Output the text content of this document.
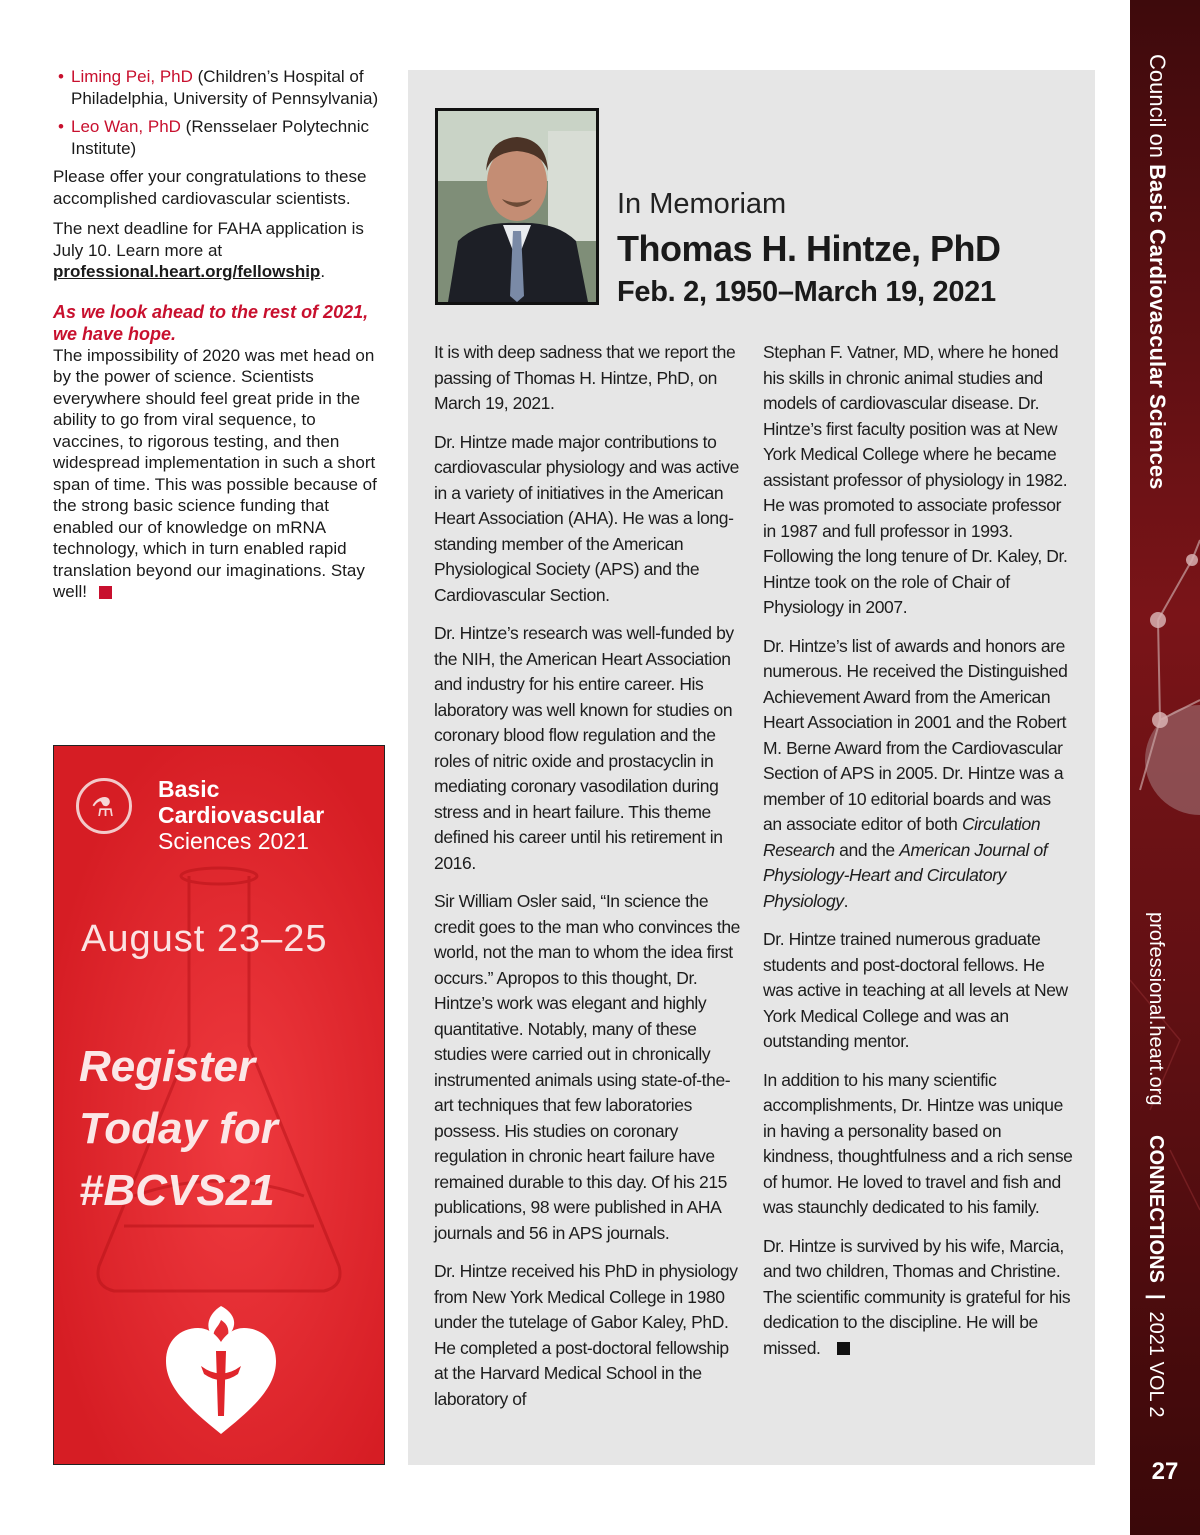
• Liming Pei, PhD (Children’s Hospital of Philadelphia, University of Pennsylvania)
• Leo Wan, PhD (Rensselaer Polytechnic Institute)

Please offer your congratulations to these accomplished cardiovascular scientists.

The next deadline for FAHA application is July 10. Learn more at professional.heart.org/fellowship.

As we look ahead to the rest of 2021, we have hope.

The impossibility of 2020 was met head on by the power of science. Scientists everywhere should feel great pride in the ability to go from viral sequence, to vaccines, to rigorous testing, and then widespread implementation in such a short span of time. This was possible because of the strong basic science funding that enabled our of knowledge on mRNA technology, which in turn enabled rapid translation beyond our imaginations. Stay well!

⚗
Basic
Cardiovascular
Sciences 2021
August 23–25
Register
Today for
#BCVS21
In Memoriam
Thomas H. Hintze, PhD
Feb. 2, 1950–March 19, 2021

It is with deep sadness that we report the passing of Thomas H. Hintze, PhD, on March 19, 2021.

Dr. Hintze made major contributions to cardiovascular physiology and was active in a variety of initiatives in the American Heart Association (AHA). He was a long-standing member of the American Physiological Society (APS) and the Cardiovascular Section.

Dr. Hintze’s research was well-funded by the NIH, the American Heart Association and industry for his entire career. His laboratory was well known for studies on coronary blood flow regulation and the roles of nitric oxide and prostacyclin in mediating coronary vasodilation during stress and in heart failure. This theme defined his career until his retirement in 2016.

Sir William Osler said, “In science the credit goes to the man who convinces the world, not the man to whom the idea first occurs.” Apropos to this thought, Dr. Hintze’s work was elegant and highly quantitative. Notably, many of these studies were carried out in chronically instrumented animals using state-of-the-art techniques that few laboratories possess. His studies on coronary regulation in chronic heart failure have remained durable to this day. Of his 215 publications, 98 were published in AHA journals and 56 in APS journals.

Dr. Hintze received his PhD in physiology from New York Medical College in 1980 under the tutelage of Gabor Kaley, PhD. He completed a post-doctoral fellowship at the Harvard Medical School in the laboratory of

Stephan F. Vatner, MD, where he honed his skills in chronic animal studies and models of cardiovascular disease. Dr. Hintze’s first faculty position was at New York Medical College where he became assistant professor of physiology in 1982. He was promoted to associate professor in 1987 and full professor in 1993. Following the long tenure of Dr. Kaley, Dr. Hintze took on the role of Chair of Physiology in 2007.

Dr. Hintze’s list of awards and honors are numerous. He received the Distinguished Achievement Award from the American Heart Association in 2001 and the Robert M. Berne Award from the Cardiovascular Section of APS in 2005. Dr. Hintze was a member of 10 editorial boards and was an associate editor of both Circulation Research and the American Journal of Physiology-Heart and Circulatory Physiology.

Dr. Hintze trained numerous graduate students and post-doctoral fellows. He was active in teaching at all levels at New York Medical College and was an outstanding mentor.

In addition to his many scientific accomplishments, Dr. Hintze was unique in having a personality based on kindness, thoughtfulness and a rich sense of humor. He loved to travel and fish and was staunchly dedicated to his family.

Dr. Hintze is survived by his wife, Marcia, and two children, Thomas and Christine. The scientific community is grateful for his dedication to the discipline. He will be missed.

Council on Basic Cardiovascular Sciences
professional.heart.org CONNECTIONS | 2021 VOL 2
27
